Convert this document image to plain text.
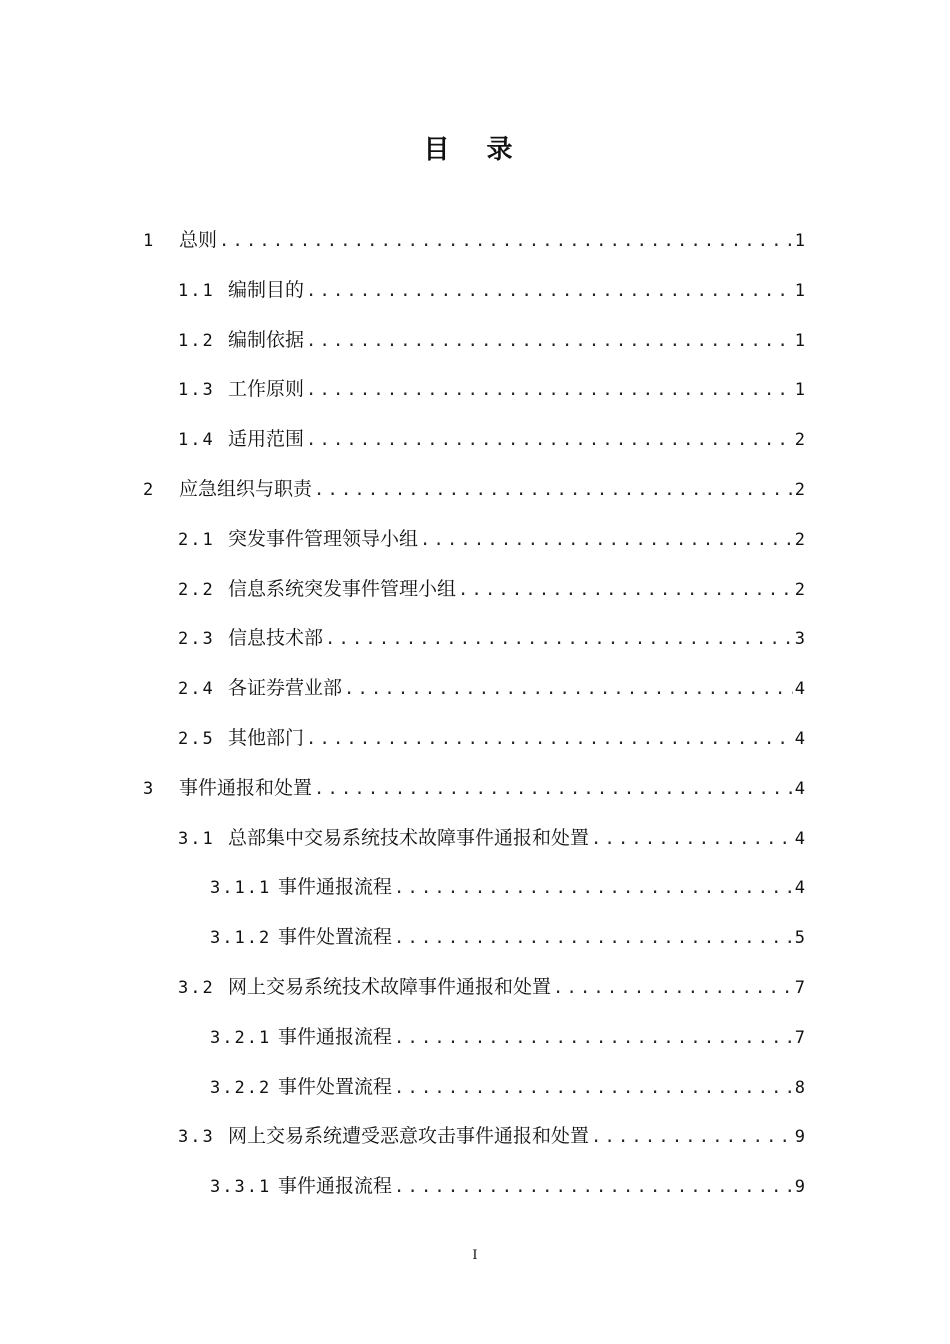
目 录
1	总则 . . .	1
1.1 编制目的 . . .	1
1.2 编制依据 . . .	1
1.3 工作原则 . . .	1
1.4 适用范围 . . .	2
2	应急组织与职责 . . .	2
2.1 突发事件管理领导小组 . . .	2
2.2 信息系统突发事件管理小组 . . .	2
2.3 信息技术部 . . .	3
2.4 各证券营业部 . . .	4
2.5 其他部门 . . .	4
3	事件通报和处置 . . .	4
3.1 总部集中交易系统技术故障事件通报和处置 . . .	4
3.1.1 事件通报流程 . . .	4
3.1.2 事件处置流程 . . .	5
3.2 网上交易系统技术故障事件通报和处置 . . .	7
3.2.1 事件通报流程 . . .	7
3.2.2 事件处置流程 . . .	8
3.3 网上交易系统遭受恶意攻击事件通报和处置 . . .	9
3.3.1 事件通报流程 . . .	9
I
